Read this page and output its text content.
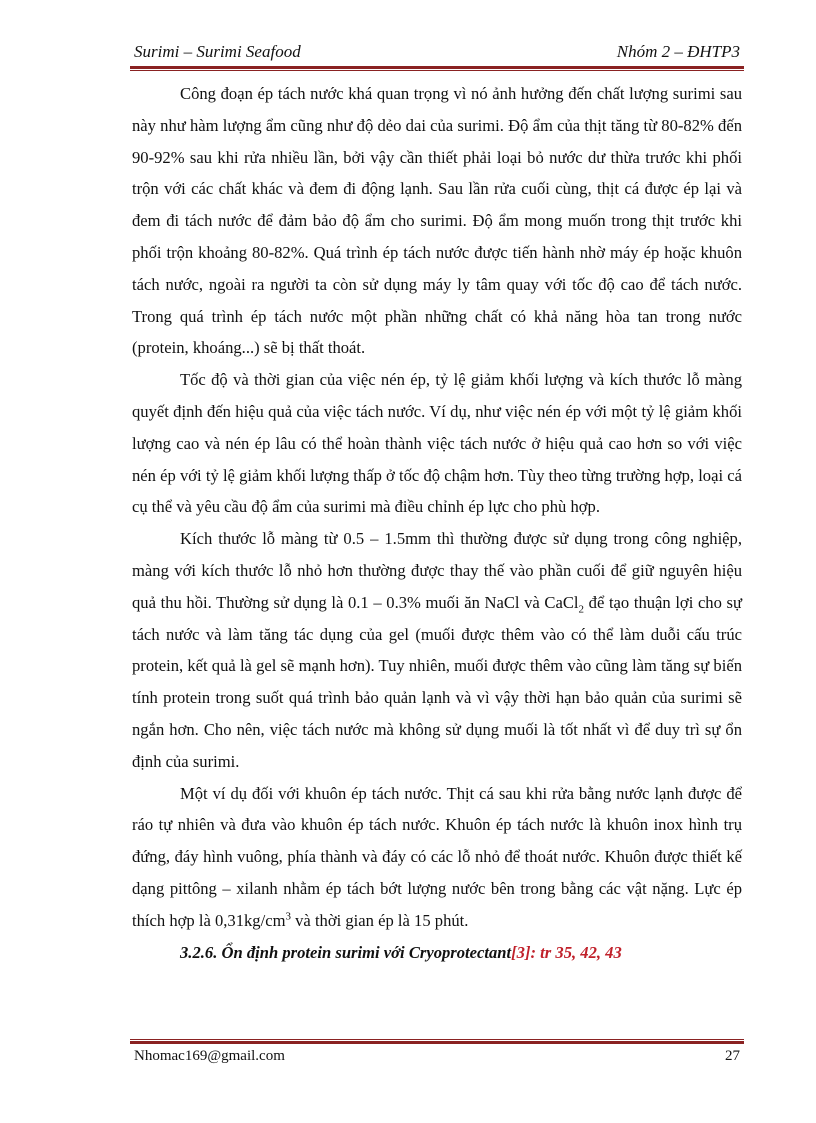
Surimi – Surimi Seafood	Nhóm 2 – ĐHTP3

Công đoạn ép tách nước khá quan trọng vì nó ảnh hưởng đến chất lượng surimi sau này như hàm lượng ẩm cũng như độ dẻo dai của surimi. Độ ẩm của thịt tăng từ 80-82% đến 90-92% sau khi rửa nhiều lần, bởi vậy cần thiết phải loại bỏ nước dư thừa trước khi phối trộn với các chất khác và đem đi động lạnh. Sau lần rửa cuối cùng, thịt cá được ép lại và đem đi tách nước để đảm bảo độ ẩm cho surimi. Độ ẩm mong muốn trong thịt trước khi phối trộn khoảng 80-82%. Quá trình ép tách nước được tiến hành nhờ máy ép hoặc khuôn tách nước, ngoài ra người ta còn sử dụng máy ly tâm quay với tốc độ cao để tách nước. Trong quá trình ép tách nước một phần những chất có khả năng hòa tan trong nước (protein, khoáng...) sẽ bị thất thoát.

Tốc độ và thời gian của việc nén ép, tỷ lệ giảm khối lượng và kích thước lỗ màng quyết định đến hiệu quả của việc tách nước. Ví dụ, như việc nén ép với một tỷ lệ giảm khối lượng cao và nén ép lâu có thể hoàn thành việc tách nước ở hiệu quả cao hơn so với việc nén ép với tỷ lệ giảm khối lượng thấp ở tốc độ chậm hơn. Tùy theo từng trường hợp, loại cá cụ thể và yêu cầu độ ẩm của surimi mà điều chỉnh ép lực cho phù hợp.

Kích thước lỗ màng từ 0.5 – 1.5mm thì thường được sử dụng trong công nghiệp, màng với kích thước lỗ nhỏ hơn thường được thay thế vào phần cuối để giữ nguyên hiệu quả thu hồi. Thường sử dụng là 0.1 – 0.3% muối ăn NaCl và CaCl$_2$ để tạo thuận lợi cho sự tách nước và làm tăng tác dụng của gel (muối được thêm vào có thể làm duỗi cấu trúc protein, kết quả là gel sẽ mạnh hơn). Tuy nhiên, muối được thêm vào cũng làm tăng sự biến tính protein trong suốt quá trình bảo quản lạnh và vì vậy thời hạn bảo quản của surimi sẽ ngắn hơn. Cho nên, việc tách nước mà không sử dụng muối là tốt nhất vì để duy trì sự ổn định của surimi.

Một ví dụ đối với khuôn ép tách nước. Thịt cá sau khi rửa bằng nước lạnh được để ráo tự nhiên và đưa vào khuôn ép tách nước. Khuôn ép tách nước là khuôn inox hình trụ đứng, đáy hình vuông, phía thành và đáy có các lỗ nhỏ để thoát nước. Khuôn được thiết kế dạng pittông – xilanh nhằm ép tách bớt lượng nước bên trong bằng các vật nặng. Lực ép thích hợp là $0,31kg/cm^3$ và thời gian ép là 15 phút.

3.2.6. Ổn định protein surimi với Cryoprotectant[3]: tr 35, 42, 43

Nhomac169@gmail.com	27
